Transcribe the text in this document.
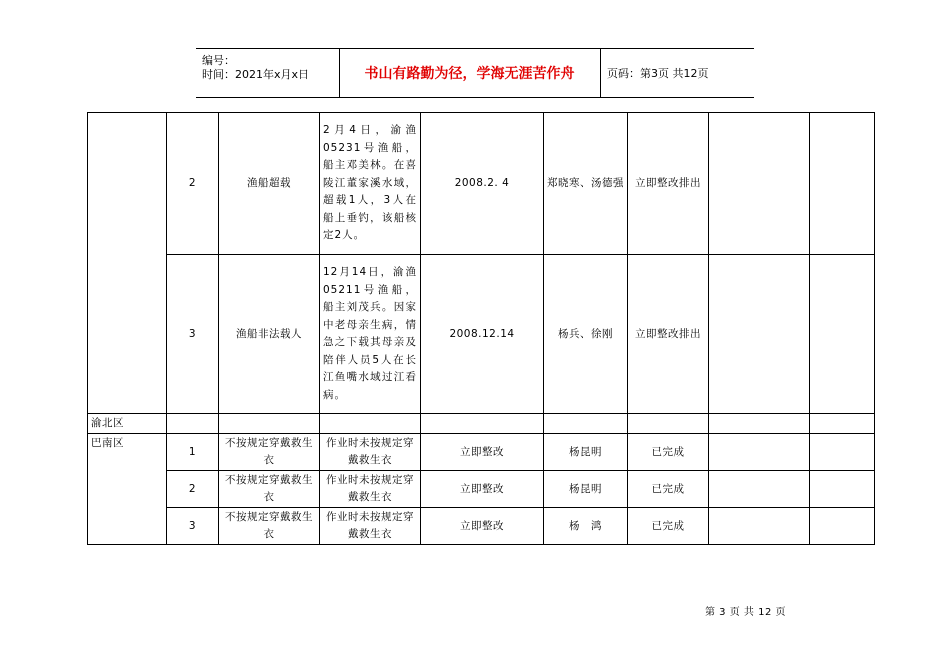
编号：
时间：2021年x月x日	书山有路勤为径，学海无涯苦作舟	页码：第3页 共12页
	2	渔船超载	2月4日，渝渔05231号渔船，船主邓美林。在喜陵江董家溪水域，超载1人，3人在船上垂钓，该船核定2人。	2008.2. 4	郑晓寒、汤德强	立即整改排出		
	3	渔船非法载人	12月14日，渝渔05211号渔船，船主刘茂兵。因家中老母亲生病，情急之下载其母亲及陪伴人员5人在长江鱼嘴水域过江看病。	2008.12.14	杨兵、徐刚	立即整改排出		
渝北区								
巴南区	1	不按规定穿戴救生衣	作业时未按规定穿戴救生衣	立即整改	杨昆明	已完成		
	2	不按规定穿戴救生衣	作业时未按规定穿戴救生衣	立即整改	杨昆明	已完成		
	3	不按规定穿戴救生衣	作业时未按规定穿戴救生衣	立即整改	杨　鸿	已完成		
第 3 页 共 12 页
